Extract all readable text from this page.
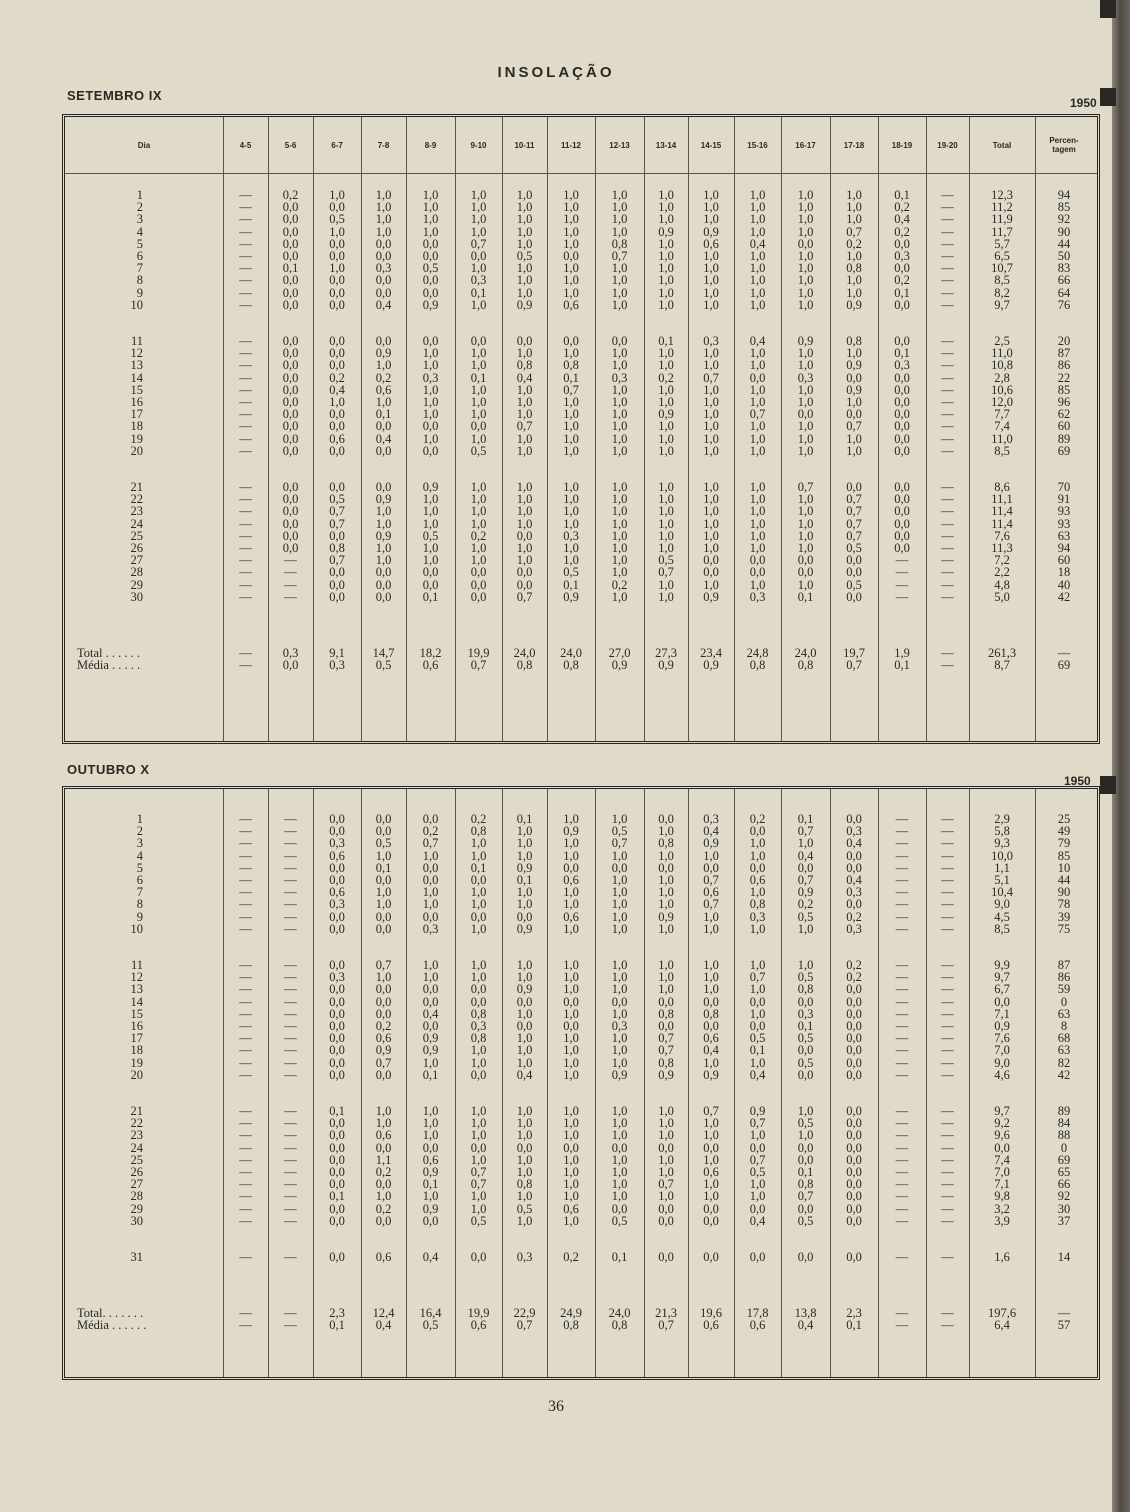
INSOLAÇÃO
SETEMBRO IX	1950
Dia	4-5	5-6	6-7	7-8	8-9	9-10	10-11	11-12	12-13	13-14	14-15	15-16	16-17	17-18	18-19	19-20	Total	Percen-
tagem
1	—	0,2	1,0	1,0	1,0	1,0	1,0	1,0	1,0	1,0	1,0	1,0	1,0	1,0	0,1	—	12,3	94
2	—	0,0	0,0	1,0	1,0	1,0	1,0	1,0	1,0	1,0	1,0	1,0	1,0	1,0	0,2	—	11,2	85
3	—	0,0	0,5	1,0	1,0	1,0	1,0	1,0	1,0	1,0	1,0	1,0	1,0	1,0	0,4	—	11,9	92
4	—	0,0	1,0	1,0	1,0	1,0	1,0	1,0	1,0	0,9	0,9	1,0	1,0	0,7	0,2	—	11,7	90
5	—	0,0	0,0	0,0	0,0	0,7	1,0	1,0	0,8	1,0	0,6	0,4	0,0	0,2	0,0	—	5,7	44
6	—	0,0	0,0	0,0	0,0	0,0	0,5	0,0	0,7	1,0	1,0	1,0	1,0	1,0	0,3	—	6,5	50
7	—	0,1	1,0	0,3	0,5	1,0	1,0	1,0	1,0	1,0	1,0	1,0	1,0	0,8	0,0	—	10,7	83
8	—	0,0	0,0	0,0	0,0	0,3	1,0	1,0	1,0	1,0	1,0	1,0	1,0	1,0	0,2	—	8,5	66
9	—	0,0	0,0	0,0	0,0	0,1	1,0	1,0	1,0	1,0	1,0	1,0	1,0	1,0	0,1	—	8,2	64
10	—	0,0	0,0	0,4	0,9	1,0	0,9	0,6	1,0	1,0	1,0	1,0	1,0	0,9	0,0	—	9,7	76
11	—	0,0	0,0	0,0	0,0	0,0	0,0	0,0	0,0	0,1	0,3	0,4	0,9	0,8	0,0	—	2,5	20
12	—	0,0	0,0	0,9	1,0	1,0	1,0	1,0	1,0	1,0	1,0	1,0	1,0	1,0	0,1	—	11,0	87
13	—	0,0	0,0	1,0	1,0	1,0	0,8	0,8	1,0	1,0	1,0	1,0	1,0	0,9	0,3	—	10,8	86
14	—	0,0	0,2	0,2	0,3	0,1	0,4	0,1	0,3	0,2	0,7	0,0	0,3	0,0	0,0	—	2,8	22
15	—	0,0	0,4	0,6	1,0	1,0	1,0	0,7	1,0	1,0	1,0	1,0	1,0	0,9	0,0	—	10,6	85
16	—	0,0	1,0	1,0	1,0	1,0	1,0	1,0	1,0	1,0	1,0	1,0	1,0	1,0	0,0	—	12,0	96
17	—	0,0	0,0	0,1	1,0	1,0	1,0	1,0	1,0	0,9	1,0	0,7	0,0	0,0	0,0	—	7,7	62
18	—	0,0	0,0	0,0	0,0	0,0	0,7	1,0	1,0	1,0	1,0	1,0	1,0	0,7	0,0	—	7,4	60
19	—	0,0	0,6	0,4	1,0	1,0	1,0	1,0	1,0	1,0	1,0	1,0	1,0	1,0	0,0	—	11,0	89
20	—	0,0	0,0	0,0	0,0	0,5	1,0	1,0	1,0	1,0	1,0	1,0	1,0	1,0	0,0	—	8,5	69
21	—	0,0	0,0	0,0	0,9	1,0	1,0	1,0	1,0	1,0	1,0	1,0	0,7	0,0	0,0	—	8,6	70
22	—	0,0	0,5	0,9	1,0	1,0	1,0	1,0	1,0	1,0	1,0	1,0	1,0	0,7	0,0	—	11,1	91
23	—	0,0	0,7	1,0	1,0	1,0	1,0	1,0	1,0	1,0	1,0	1,0	1,0	0,7	0,0	—	11,4	93
24	—	0,0	0,7	1,0	1,0	1,0	1,0	1,0	1,0	1,0	1,0	1,0	1,0	0,7	0,0	—	11,4	93
25	—	0,0	0,0	0,9	0,5	0,2	0,0	0,3	1,0	1,0	1,0	1,0	1,0	0,7	0,0	—	7,6	63
26	—	0,0	0,8	1,0	1,0	1,0	1,0	1,0	1,0	1,0	1,0	1,0	1,0	0,5	0,0	—	11,3	94
27	—	—	0,7	1,0	1,0	1,0	1,0	1,0	1,0	0,5	0,0	0,0	0,0	0,0	—	—	7,2	60
28	—	—	0,0	0,0	0,0	0,0	0,0	0,5	1,0	0,7	0,0	0,0	0,0	0,0	—	—	2,2	18
29	—	—	0,0	0,0	0,0	0,0	0,0	0,1	0,2	1,0	1,0	1,0	1,0	0,5	—	—	4,8	40
30	—	—	0,0	0,0	0,1	0,0	0,7	0,9	1,0	1,0	0,9	0,3	0,1	0,0	—	—	5,0	42
Total . . . . . .	—	0,3	9,1	14,7	18,2	19,9	24,0	24,0	27,0	27,3	23,4	24,8	24,0	19,7	1,9	—	261,3	—
Média . . . . .	—	0,0	0,3	0,5	0,6	0,7	0,8	0,8	0,9	0,9	0,9	0,8	0,8	0,7	0,1	—	8,7	69
OUTUBRO X
1950
1	—	—	0,0	0,0	0,0	0,2	0,1	1,0	1,0	0,0	0,3	0,2	0,1	0,0	—	—	2,9	25
2	—	—	0,0	0,0	0,2	0,8	1,0	0,9	0,5	1,0	0,4	0,0	0,7	0,3	—	—	5,8	49
3	—	—	0,3	0,5	0,7	1,0	1,0	1,0	0,7	0,8	0,9	1,0	1,0	0,4	—	—	9,3	79
4	—	—	0,6	1,0	1,0	1,0	1,0	1,0	1,0	1,0	1,0	1,0	0,4	0,0	—	—	10,0	85
5	—	—	0,0	0,1	0,0	0,1	0,9	0,0	0,0	0,0	0,0	0,0	0,0	0,0	—	—	1,1	10
6	—	—	0,0	0,0	0,0	0,0	0,1	0,6	1,0	1,0	0,7	0,6	0,7	0,4	—	—	5,1	44
7	—	—	0,6	1,0	1,0	1,0	1,0	1,0	1,0	1,0	0,6	1,0	0,9	0,3	—	—	10,4	90
8	—	—	0,3	1,0	1,0	1,0	1,0	1,0	1,0	1,0	0,7	0,8	0,2	0,0	—	—	9,0	78
9	—	—	0,0	0,0	0,0	0,0	0,0	0,6	1,0	0,9	1,0	0,3	0,5	0,2	—	—	4,5	39
10	—	—	0,0	0,0	0,3	1,0	0,9	1,0	1,0	1,0	1,0	1,0	1,0	0,3	—	—	8,5	75
11	—	—	0,0	0,7	1,0	1,0	1,0	1,0	1,0	1,0	1,0	1,0	1,0	0,2	—	—	9,9	87
12	—	—	0,3	1,0	1,0	1,0	1,0	1,0	1,0	1,0	1,0	0,7	0,5	0,2	—	—	9,7	86
13	—	—	0,0	0,0	0,0	0,0	0,9	1,0	1,0	1,0	1,0	1,0	0,8	0,0	—	—	6,7	59
14	—	—	0,0	0,0	0,0	0,0	0,0	0,0	0,0	0,0	0,0	0,0	0,0	0,0	—	—	0,0	0
15	—	—	0,0	0,0	0,4	0,8	1,0	1,0	1,0	0,8	0,8	1,0	0,3	0,0	—	—	7,1	63
16	—	—	0,0	0,2	0,0	0,3	0,0	0,0	0,3	0,0	0,0	0,0	0,1	0,0	—	—	0,9	8
17	—	—	0,0	0,6	0,9	0,8	1,0	1,0	1,0	0,7	0,6	0,5	0,5	0,0	—	—	7,6	68
18	—	—	0,0	0,9	0,9	1,0	1,0	1,0	1,0	0,7	0,4	0,1	0,0	0,0	—	—	7,0	63
19	—	—	0,0	0,7	1,0	1,0	1,0	1,0	1,0	0,8	1,0	1,0	0,5	0,0	—	—	9,0	82
20	—	—	0,0	0,0	0,1	0,0	0,4	1,0	0,9	0,9	0,9	0,4	0,0	0,0	—	—	4,6	42
21	—	—	0,1	1,0	1,0	1,0	1,0	1,0	1,0	1,0	0,7	0,9	1,0	0,0	—	—	9,7	89
22	—	—	0,0	1,0	1,0	1,0	1,0	1,0	1,0	1,0	1,0	0,7	0,5	0,0	—	—	9,2	84
23	—	—	0,0	0,6	1,0	1,0	1,0	1,0	1,0	1,0	1,0	1,0	1,0	0,0	—	—	9,6	88
24	—	—	0,0	0,0	0,0	0,0	0,0	0,0	0,0	0,0	0,0	0,0	0,0	0,0	—	—	0,0	0
25	—	—	0,0	1,1	0,6	1,0	1,0	1,0	1,0	1,0	1,0	0,7	0,0	0,0	—	—	7,4	69
26	—	—	0,0	0,2	0,9	0,7	1,0	1,0	1,0	1,0	0,6	0,5	0,1	0,0	—	—	7,0	65
27	—	—	0,0	0,0	0,1	0,7	0,8	1,0	1,0	0,7	1,0	1,0	0,8	0,0	—	—	7,1	66
28	—	—	0,1	1,0	1,0	1,0	1,0	1,0	1,0	1,0	1,0	1,0	0,7	0,0	—	—	9,8	92
29	—	—	0,0	0,2	0,9	1,0	0,5	0,6	0,0	0,0	0,0	0,0	0,0	0,0	—	—	3,2	30
30	—	—	0,0	0,0	0,0	0,5	1,0	1,0	0,5	0,0	0,0	0,4	0,5	0,0	—	—	3,9	37
31	—	—	0,0	0,6	0,4	0,0	0,3	0,2	0,1	0,0	0,0	0,0	0,0	0,0	—	—	1,6	14
Total. . . . . . .	—	—	2,3	12,4	16,4	19,9	22,9	24,9	24,0	21,3	19,6	17,8	13,8	2,3	—	—	197,6	—
Média . . . . . .	—	—	0,1	0,4	0,5	0,6	0,7	0,8	0,8	0,7	0,6	0,6	0,4	0,1	—	—	6,4	57
36
